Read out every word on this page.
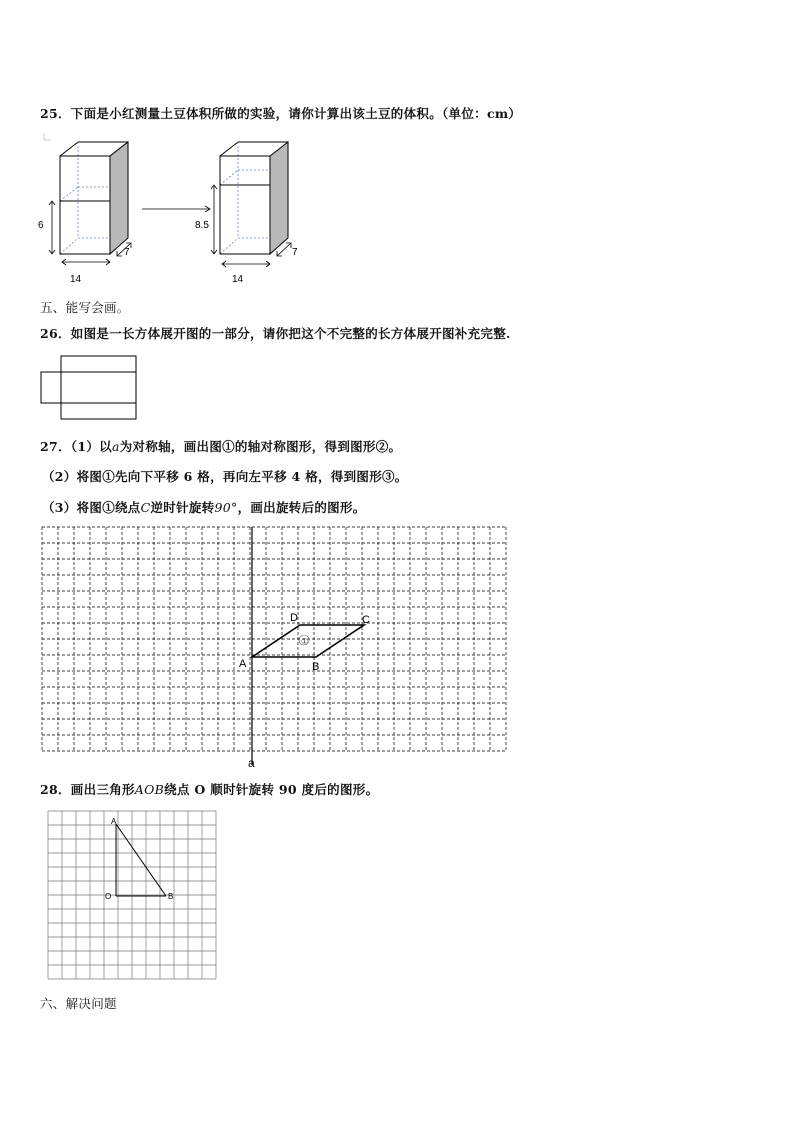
25．下面是小红测量土豆体积所做的实验，请你计算出该土豆的体积。（单位：cm）
6
14
7
8.5
14
7
五、能写会画。
26．如图是一长方体展开图的一部分，请你把这个不完整的长方体展开图补充完整.
27．（1）以a为对称轴，画出图①的轴对称图形，得到图形②。
（2）将图①先向下平移 6 格，再向左平移 4 格，得到图形③。
（3）将图①绕点C逆时针旋转90°，画出旋转后的图形。
①
A	B
C
D
a
28．画出三角形AOB绕点 O 顺时针旋转 90 度后的图形。
A
O	B
六、解决问题
